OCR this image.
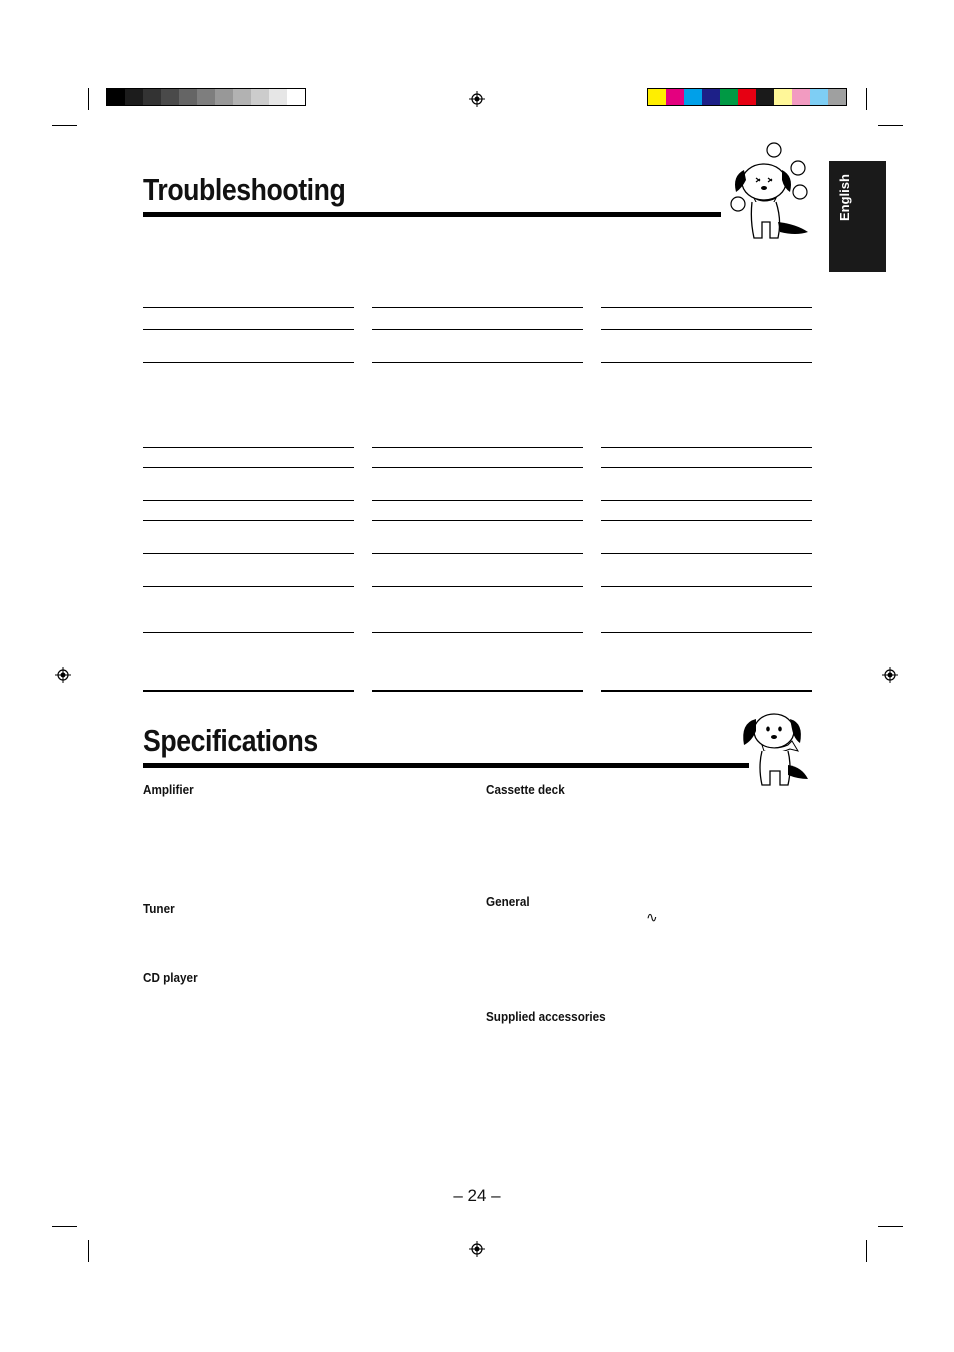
English
Troubleshooting
Specifications
Amplifier
Tuner
CD player
Cassette deck
General
∿
Supplied accessories
– 24 –
